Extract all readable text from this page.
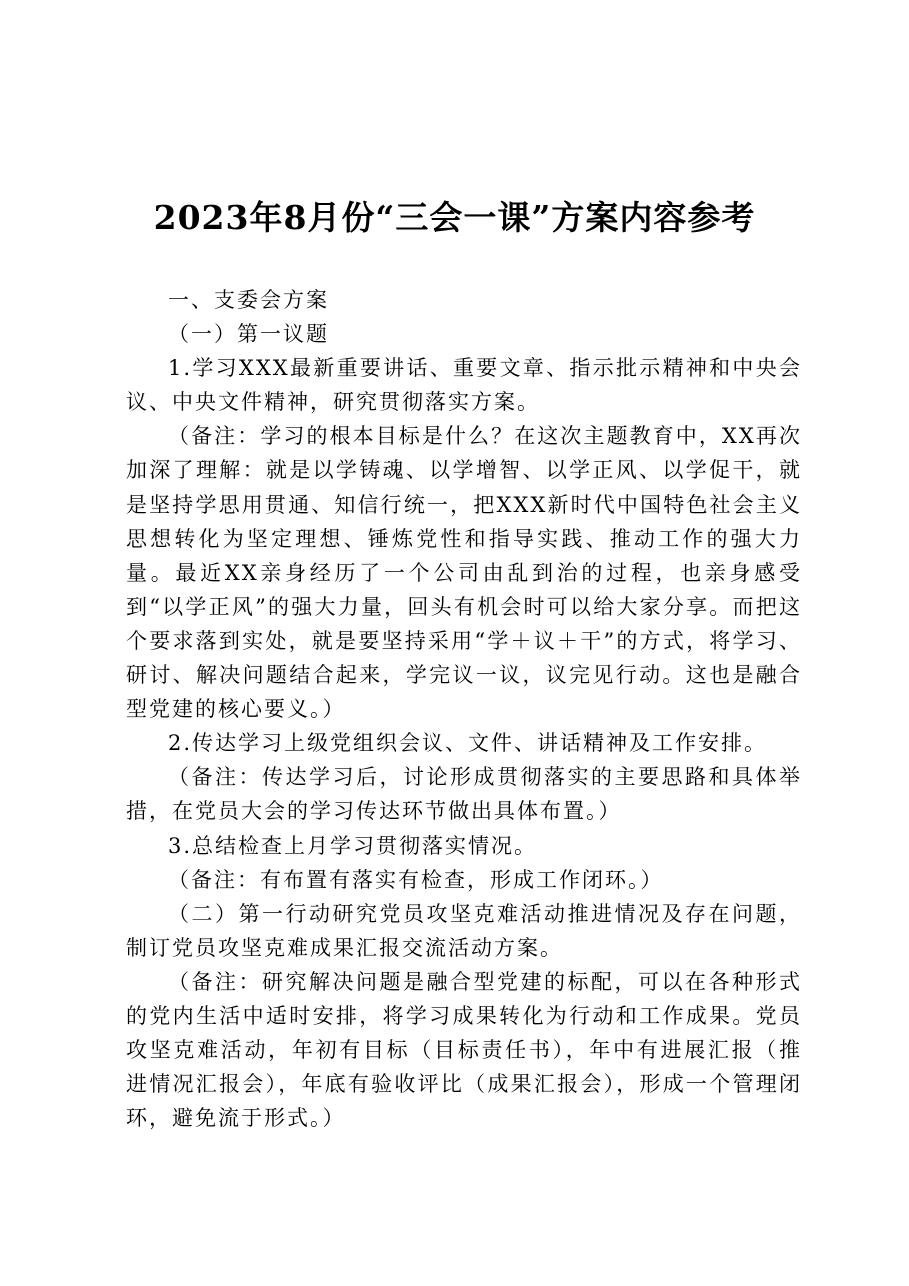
2023年8月份“三会一课”方案内容参考

一、支委会方案

（一）第一议题

1.学习XXX最新重要讲话、重要文章、指示批示精神和中央会议、中央文件精神，研究贯彻落实方案。

（备注：学习的根本目标是什么？在这次主题教育中，XX再次加深了理解：就是以学铸魂、以学增智、以学正风、以学促干，就是坚持学思用贯通、知信行统一，把XXX新时代中国特色社会主义思想转化为坚定理想、锤炼党性和指导实践、推动工作的强大力量。最近XX亲身经历了一个公司由乱到治的过程，也亲身感受到“以学正风”的强大力量，回头有机会时可以给大家分享。而把这个要求落到实处，就是要坚持采用“学＋议＋干”的方式，将学习、研讨、解决问题结合起来，学完议一议，议完见行动。这也是融合型党建的核心要义。）

2.传达学习上级党组织会议、文件、讲话精神及工作安排。

（备注：传达学习后，讨论形成贯彻落实的主要思路和具体举措，在党员大会的学习传达环节做出具体布置。）

3.总结检查上月学习贯彻落实情况。

（备注：有布置有落实有检查，形成工作闭环。）

（二）第一行动研究党员攻坚克难活动推进情况及存在问题，制订党员攻坚克难成果汇报交流活动方案。

（备注：研究解决问题是融合型党建的标配，可以在各种形式的党内生活中适时安排，将学习成果转化为行动和工作成果。党员攻坚克难活动，年初有目标（目标责任书），年中有进展汇报（推进情况汇报会），年底有验收评比（成果汇报会），形成一个管理闭环，避免流于形式。）
